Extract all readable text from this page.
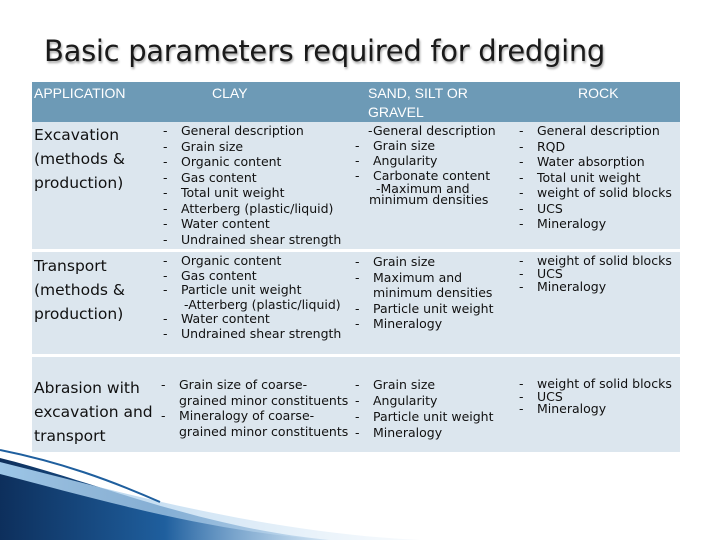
Basic parameters required for dredging
APPLICATION	CLAY	SAND, SILT OR
GRAVEL
ROCK
Excavation
(methods &
production)
- General description
- Grain size
- Organic content
- Gas content
- Total unit weight
- Atterberg (plastic/liquid)
- Water content
- Undrained shear strength
-General description
- Grain size
- Angularity
- Carbonate content
-Maximum and
minimum densities
- General description
- RQD
- Water absorption
- Total unit weight
- weight of solid blocks
- UCS
- Mineralogy
Transport
(methods &
production)
- Organic content
- Gas content
- Particle unit weight
-Atterberg (plastic/liquid)
- Water content
- Undrained shear strength
- Grain size
- Maximum and
minimum densities
- Particle unit weight
- Mineralogy
- weight of solid blocks
- UCS
- Mineralogy
Abrasion with
excavation and
transport
- Grain size of coarse-
grained minor constituents
- Mineralogy of coarse-
grained minor constituents
- Grain size
- Angularity
- Particle unit weight
- Mineralogy
- weight of solid blocks
- UCS
- Mineralogy
